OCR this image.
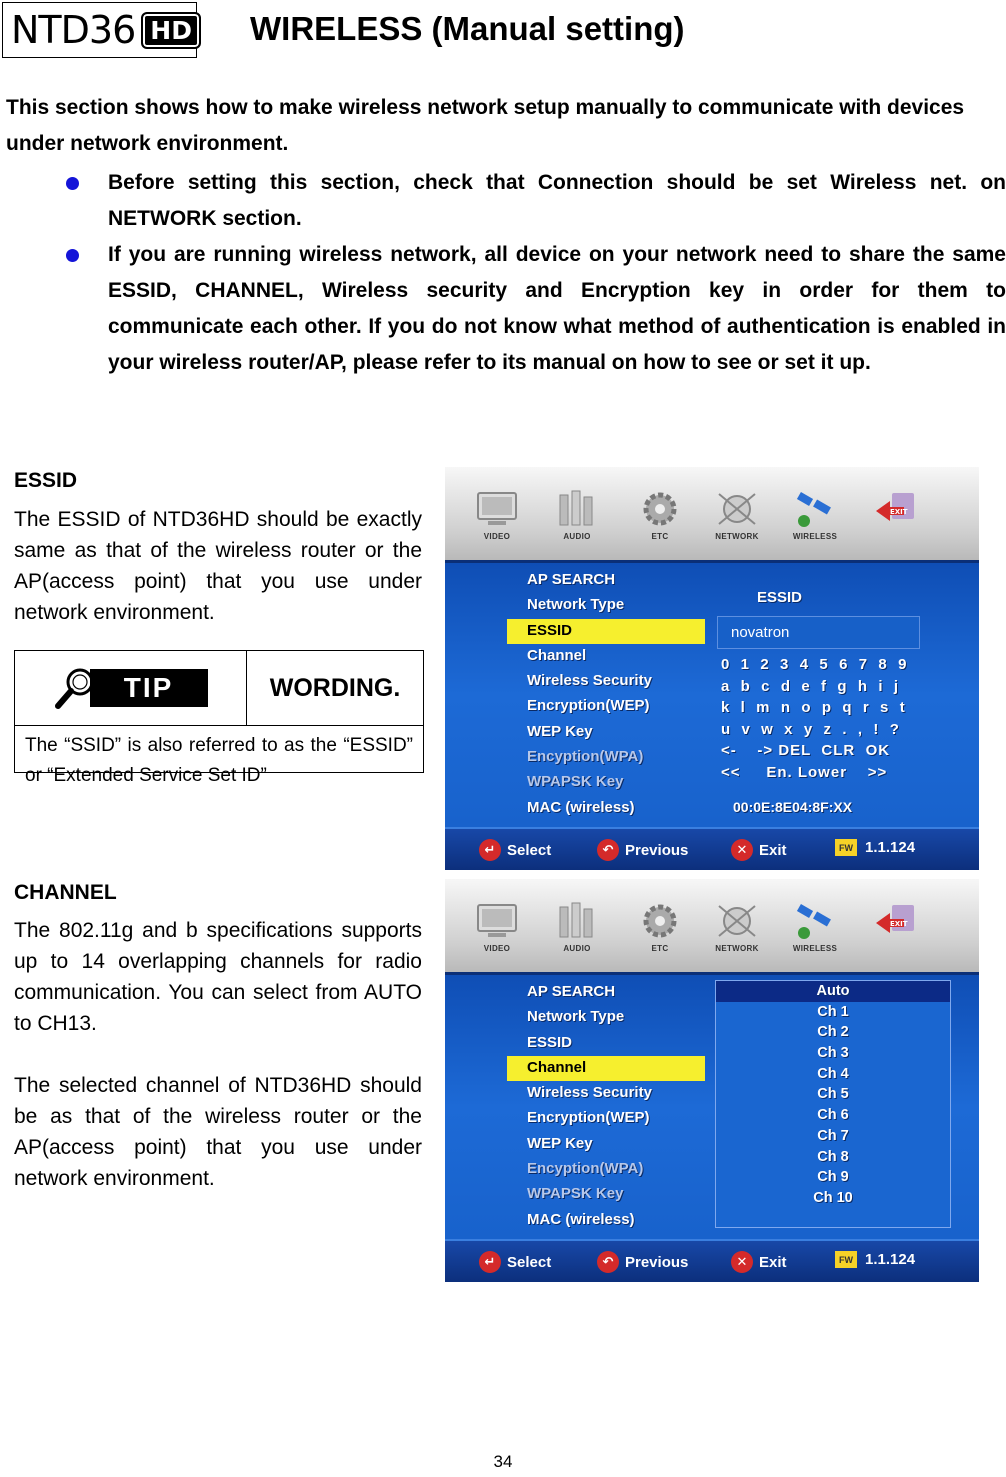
NTD36 HD WIRELESS (Manual setting)

This section shows how to make wireless network setup manually to communicate with devices under network environment.

Before setting this section, check that Connection should be set Wireless net. on NETWORK section.
If you are running wireless network, all device on your network need to share the same ESSID, CHANNEL, Wireless security and Encryption key in order for them to communicate each other. If you do not know what method of authentication is enabled in your wireless router/AP, please refer to its manual on how to see or set it up.
ESSID

The ESSID of NTD36HD should be exactly same as that of the wireless router or the AP(access point) that you use under network environment.

TIP	WORDING.
The “SSID” is also referred to as the “ESSID” or “Extended Service Set ID”
CHANNEL

The 802.11g and b specifications supports up to 14 overlapping channels for radio communication. You can select from AUTO to CH13.

The selected channel of NTD36HD should be as that of the wireless router or the AP(access point) that you use under network environment.

VIDEO	AUDIO	ETC	NETWORK	WIRELESS
EXIT
AP SEARCH
Network Type
ESSID
Channel
Wireless Security
Encryption(WEP)
WEP Key
Encyption(WPA)
WPAPSK Key
MAC (wireless)
ESSID
novatron
0  1  2  3  4  5  6  7  8  9
a  b  c  d  e  f  g  h  i  j
k  l  m  n  o  p  q  r  s  t
u  v  w  x  y  z  .  ,  !  ?
<-    -> DEL  CLR  OK
<<     En. Lower    >>
00:0E:8E04:8F:XX
↵ Select	↶ Previous	✕ Exit	FW 1.1.124
VIDEO	AUDIO	ETC	NETWORK	WIRELESS
EXIT
AP SEARCH
Network Type
ESSID
Channel
Wireless Security
Encryption(WEP)
WEP Key
Encyption(WPA)
WPAPSK Key
MAC (wireless)
Auto
Ch 1
Ch 2
Ch 3
Ch 4
Ch 5
Ch 6
Ch 7
Ch 8
Ch 9
Ch 10
↵ Select	↶ Previous	✕ Exit	FW 1.1.124
34
